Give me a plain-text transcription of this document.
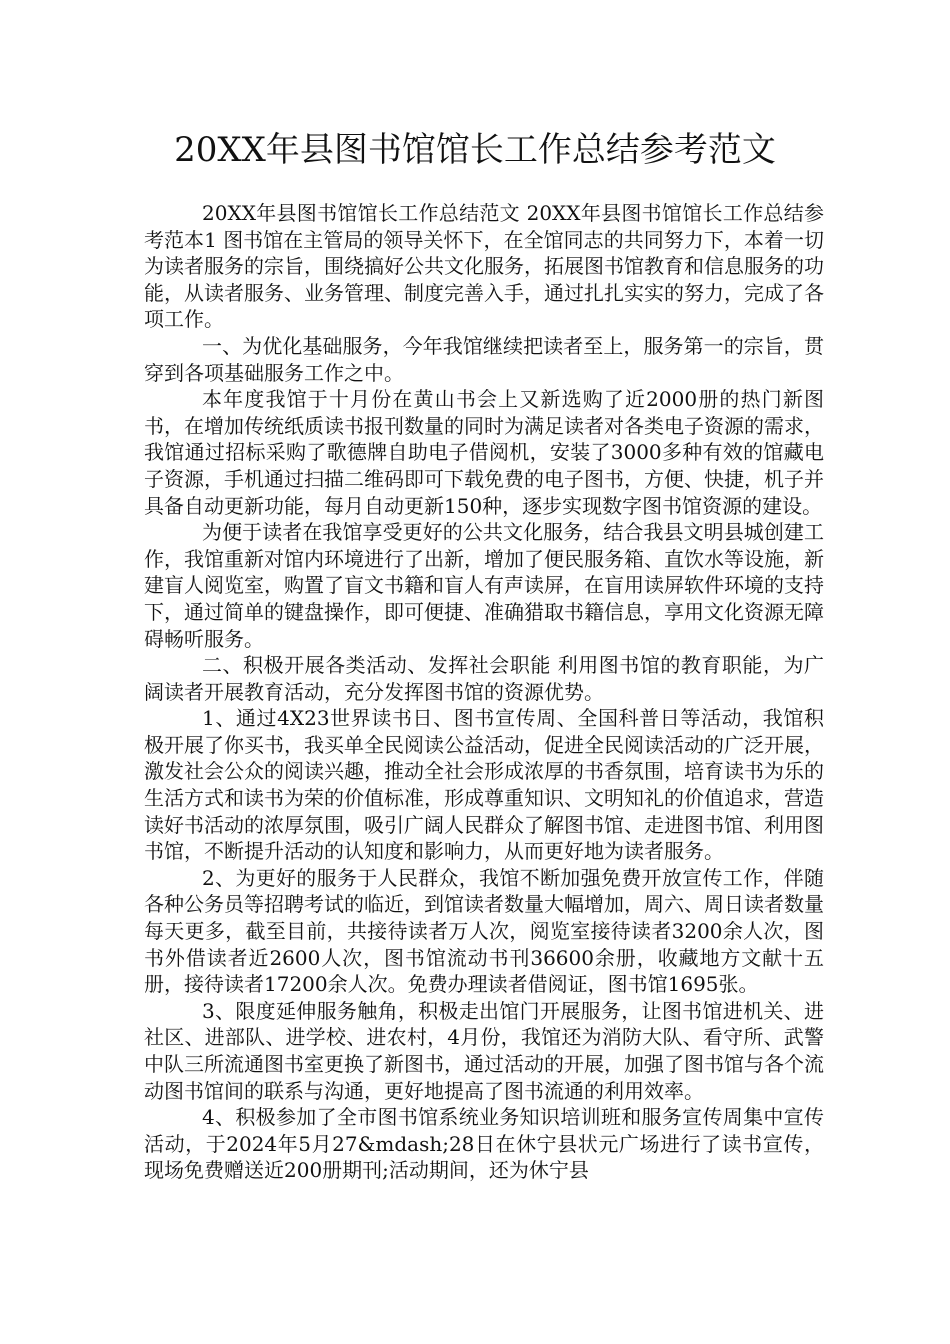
20XX年县图书馆馆长工作总结参考范文

20XX年县图书馆馆长工作总结范文 20XX年县图书馆馆长工作总结参考范本1 图书馆在主管局的领导关怀下，在全馆同志的共同努力下，本着一切为读者服务的宗旨，围绕搞好公共文化服务，拓展图书馆教育和信息服务的功能，从读者服务、业务管理、制度完善入手，通过扎扎实实的努力，完成了各项工作。

一、为优化基础服务，今年我馆继续把读者至上，服务第一的宗旨，贯穿到各项基础服务工作之中。

本年度我馆于十月份在黄山书会上又新选购了近2000册的热门新图书，在增加传统纸质读书报刊数量的同时为满足读者对各类电子资源的需求，我馆通过招标采购了歌德牌自助电子借阅机，安装了3000多种有效的馆藏电子资源，手机通过扫描二维码即可下载免费的电子图书，方便、快捷，机子并具备自动更新功能，每月自动更新150种，逐步实现数字图书馆资源的建设。

为便于读者在我馆享受更好的公共文化服务，结合我县文明县城创建工作，我馆重新对馆内环境进行了出新，增加了便民服务箱、直饮水等设施，新建盲人阅览室，购置了盲文书籍和盲人有声读屏，在盲用读屏软件环境的支持下，通过简单的键盘操作，即可便捷、准确猎取书籍信息，享用文化资源无障碍畅听服务。

二、积极开展各类活动、发挥社会职能 利用图书馆的教育职能，为广阔读者开展教育活动，充分发挥图书馆的资源优势。

1、通过4X23世界读书日、图书宣传周、全国科普日等活动，我馆积极开展了你买书，我买单全民阅读公益活动，促进全民阅读活动的广泛开展，激发社会公众的阅读兴趣，推动全社会形成浓厚的书香氛围，培育读书为乐的生活方式和读书为荣的价值标准，形成尊重知识、文明知礼的价值追求，营造读好书活动的浓厚氛围，吸引广阔人民群众了解图书馆、走进图书馆、利用图书馆，不断提升活动的认知度和影响力，从而更好地为读者服务。

2、为更好的服务于人民群众，我馆不断加强免费开放宣传工作，伴随各种公务员等招聘考试的临近，到馆读者数量大幅增加，周六、周日读者数量每天更多，截至目前，共接待读者万人次，阅览室接待读者3200余人次，图书外借读者近2600人次，图书馆流动书刊36600余册，收藏地方文献十五册，接待读者17200余人次。免费办理读者借阅证，图书馆1695张。

3、限度延伸服务触角，积极走出馆门开展服务，让图书馆进机关、进社区、进部队、进学校、进农村，4月份，我馆还为消防大队、看守所、武警中队三所流通图书室更换了新图书，通过活动的开展，加强了图书馆与各个流动图书馆间的联系与沟通，更好地提高了图书流通的利用效率。

4、积极参加了全市图书馆系统业务知识培训班和服务宣传周集中宣传活动，于2024年5月27&mdash;28日在休宁县状元广场进行了读书宣传，现场免费赠送近200册期刊;活动期间，还为休宁县
